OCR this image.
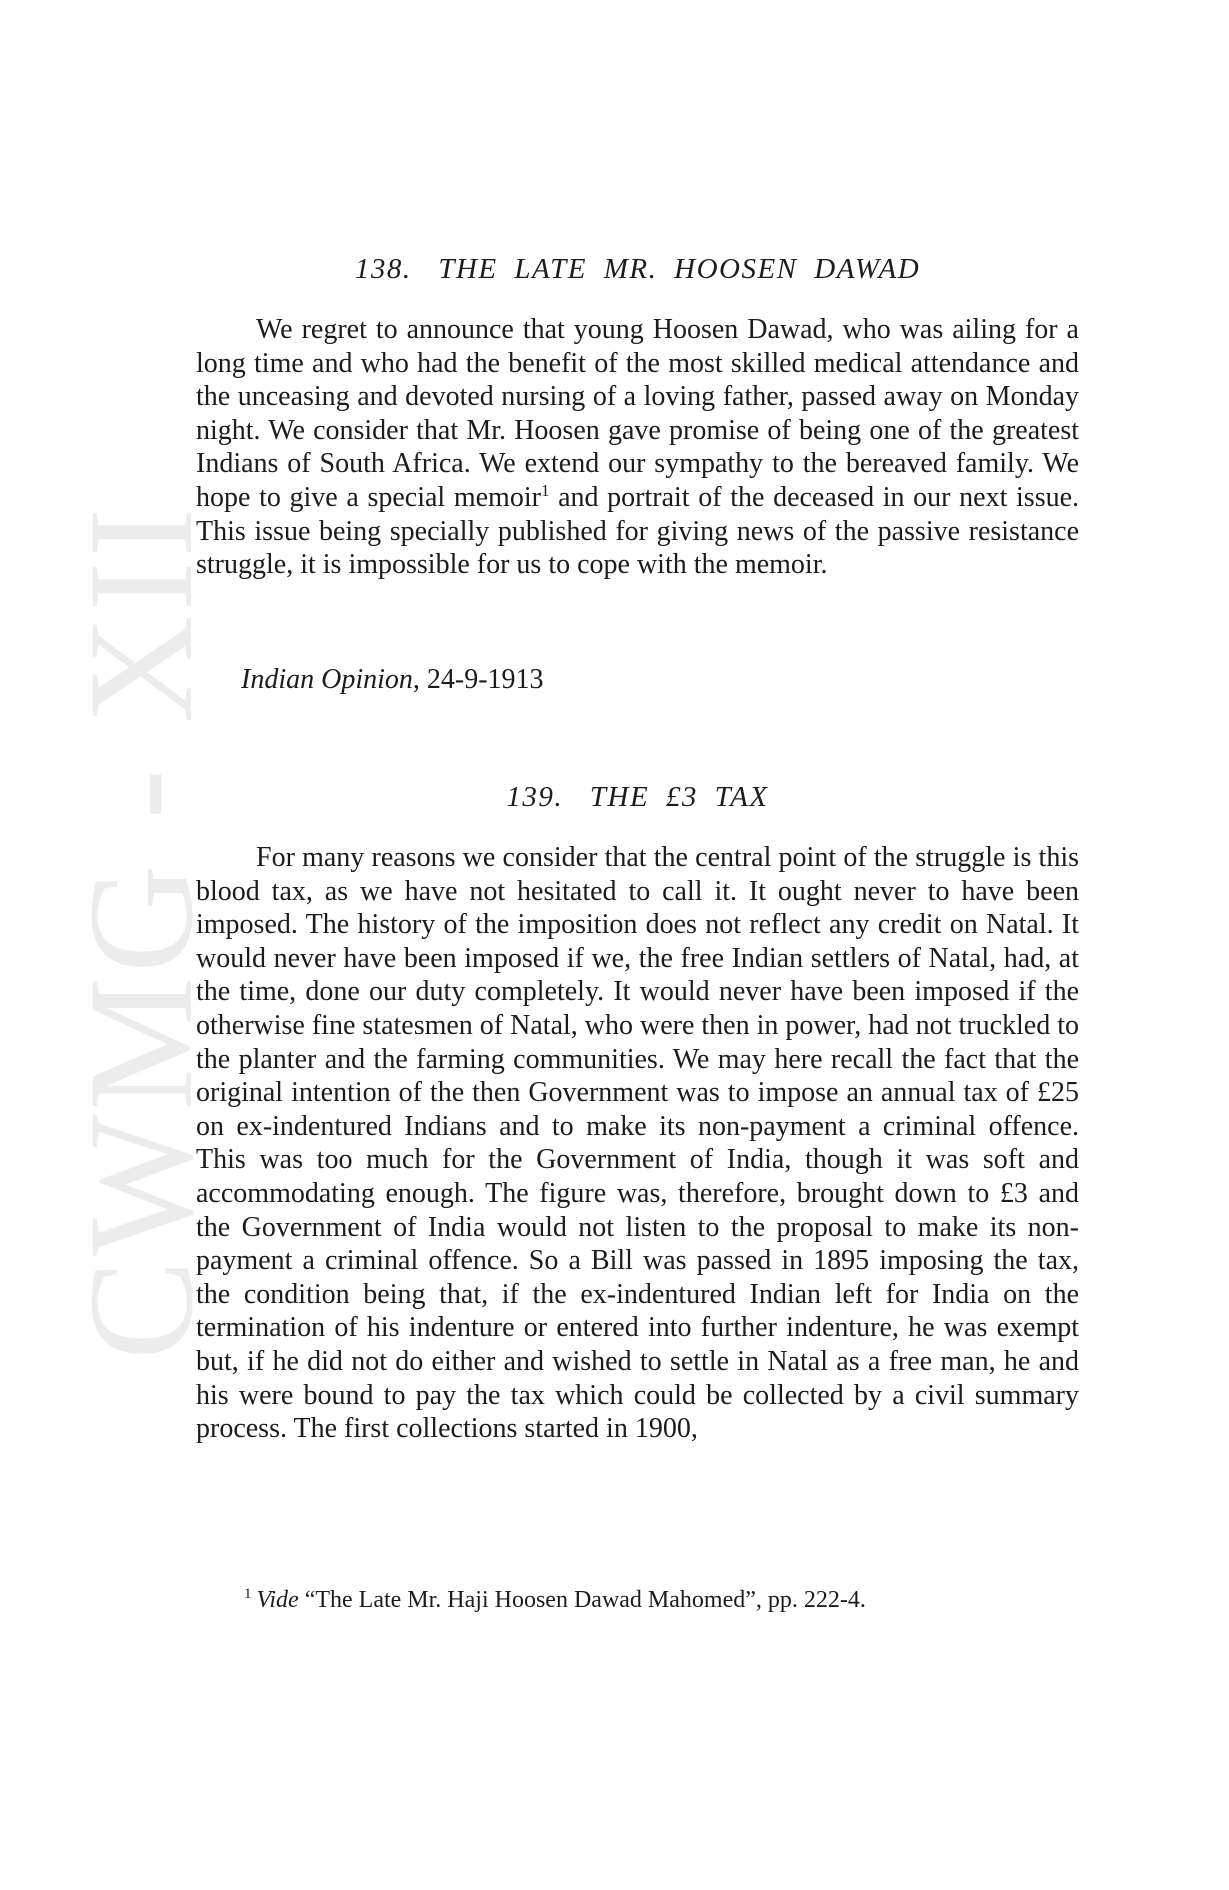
CWMG - XII
138. THE LATE MR. HOOSEN DAWAD

We regret to announce that young Hoosen Dawad, who was ailing for a long time and who had the benefit of the most skilled medical attendance and the unceasing and devoted nursing of a loving father, passed away on Monday night. We consider that Mr. Hoosen gave promise of being one of the greatest Indians of South Africa. We extend our sympathy to the bereaved family. We hope to give a special memoir$^1$ and portrait of the deceased in our next issue. This issue being specially published for giving news of the passive resistance struggle, it is impossible for us to cope with the memoir.

Indian Opinion, 24-9-1913
139. THE £3 TAX

For many reasons we consider that the central point of the struggle is this blood tax, as we have not hesitated to call it. It ought never to have been imposed. The history of the imposition does not reflect any credit on Natal. It would never have been imposed if we, the free Indian settlers of Natal, had, at the time, done our duty completely. It would never have been imposed if the otherwise fine statesmen of Natal, who were then in power, had not truckled to the planter and the farming communities. We may here recall the fact that the original intention of the then Government was to impose an annual tax of £25 on ex-indentured Indians and to make its non-payment a criminal offence. This was too much for the Government of India, though it was soft and accommodating enough. The figure was, therefore, brought down to £3 and the Government of India would not listen to the proposal to make its non-payment a criminal offence. So a Bill was passed in 1895 imposing the tax, the condition being that, if the ex-indentured Indian left for India on the termination of his indenture or entered into further indenture, he was exempt but, if he did not do either and wished to settle in Natal as a free man, he and his were bound to pay the tax which could be collected by a civil summary process. The first collections started in 1900,

$^1$ Vide “The Late Mr. Haji Hoosen Dawad Mahomed”, pp. 222-4.
